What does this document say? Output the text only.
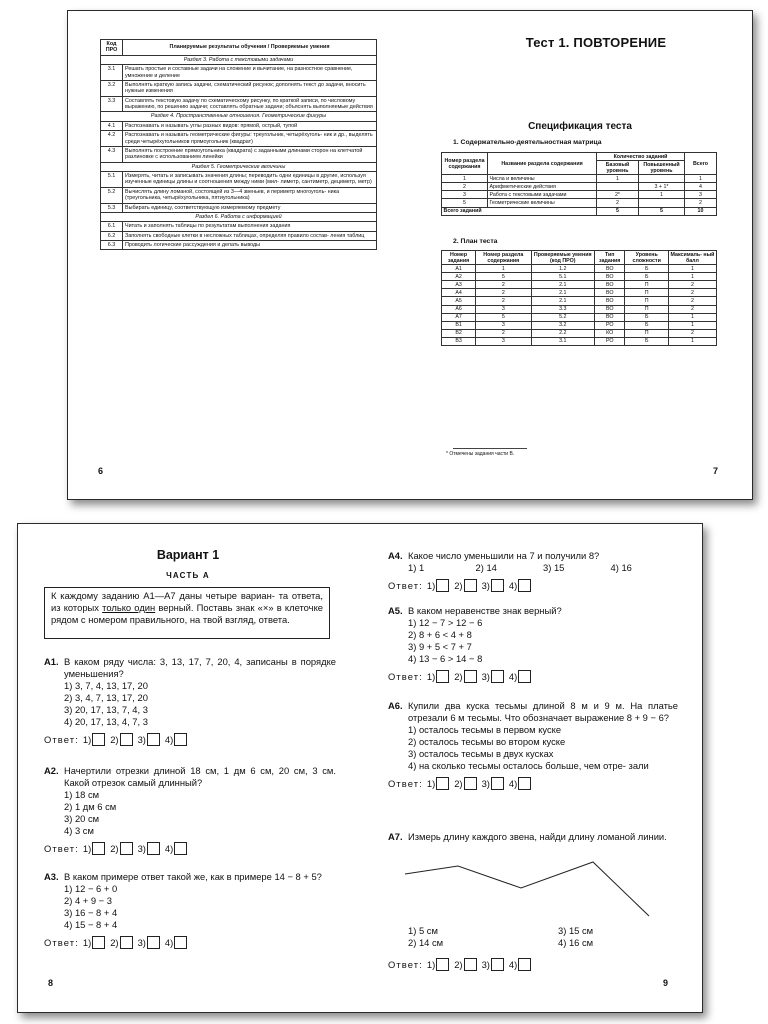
Код ПРО	Планируемые результаты обучения / Проверяемые умения
Раздел 3. Работа с текстовыми задачами	
3.1	Решать простые и составные задачи на сложение и вычитание, на разностное сравнение, умножение и деление
3.2	Выполнять краткую запись задачи, схематический рисунок; дополнять текст до задачи, вносить нужные изменения
3.3	Составлять текстовую задачу по схематическому рисунку, по краткой записи, по числовому выражению, по решению задачи; составлять обратные задачи; объяснять выполняемые действия
Раздел 4. Пространственные отношения. Геометрические фигуры	
4.1	Распознавать и называть углы разных видов: прямой, острый, тупой
4.2	Распознавать и называть геометрические фигуры: треугольник, четырёхуголь- ник и др., выделять среди четырёхугольников прямоугольник (квадрат)
4.3	Выполнять построение прямоугольника (квадрата) с заданными длинами сторон на клетчатой разлиновке с использованием линейки
Раздел 5. Геометрические величины	
5.1	Измерять, читать и записывать значения длины; переводить одни единицы в другие, используя изученные единицы длины и соотношения между ними (мил- лиметр, сантиметр, дециметр, метр)
5.2	Вычислять длину ломаной, состоящей из 3—4 звеньев, и периметр многоуголь- ника (треугольника, четырёхугольника, пятиугольника)
5.3	Выбирать единицу, соответствующую измеряемому предмету
Раздел 6. Работа с информацией	
6.1	Читать и заполнять таблицы по результатам выполнения задания
6.2	Заполнять свободные клетки в несложных таблицах, определяя правило состав- ления таблиц
6.3	Проводить логические рассуждения и делать выводы
Тест 1. ПОВТОРЕНИЕ
Спецификация теста
1. Содержательно-деятельностная матрица
Номер раздела содержания	Название раздела содержания	Количество заданий		Всего
		Базовый уровень	Повышенный уровень	
1	Числа и величины	1		1
2	Арифметические действия		3 + 1*	4
3	Работа с текстовыми задачами	2*	1	3
5	Геометрические величины	2		2
Всего заданий		5	5	10
2. План теста
Номер задания	Номер раздела содержания	Проверяемые умения (код ПРО)	Тип задания	Уровень сложности	Максималь- ный балл
A1	1	1.2	ВО	Б	1
A2	5	5.1	ВО	Б	1
A3	2	2.1	ВО	П	2
A4	2	2.1	ВО	П	2
A5	2	2.1	ВО	П	2
A6	3	3.3	ВО	П	2
A7	5	5.2	ВО	Б	1
B1	3	3.2	РО	Б	1
B2	2	2.2	КО	П	2
B3	3	3.1	РО	Б	1
* Отмечены задания части В.
6	7
Вариант 1
ЧАСТЬ А
К каждому заданию А1—А7 даны четыре вариан- та ответа, из которых только один верный. Поставь знак «×» в клеточке рядом с номером правильного, на твой взгляд, ответа.
А1. В каком ряду числа: 3, 13, 17, 7, 20, 4, записаны в порядке уменьшения?
1) 3, 7, 4, 13, 17, 20
2) 3, 4, 7, 13, 17, 20
3) 20, 17, 13, 7, 4, 3
4) 20, 17, 13, 4, 7, 3
Ответ: 1) 2) 3) 4)
А2. Начертили отрезки длиной 18 см, 1 дм 6 см, 20 см, 3 см. Какой отрезок самый длинный?
1) 18 см
2) 1 дм 6 см
3) 20 см
4) 3 см
Ответ: 1) 2) 3) 4)
А3. В каком примере ответ такой же, как в примере 14 − 8 + 5?
1) 12 − 6 + 0
2) 4 + 9 − 3
3) 16 − 8 + 4
4) 15 − 8 + 4
Ответ: 1) 2) 3) 4)
А4. Какое число уменьшили на 7 и получили 8?
1) 1	2) 14	3) 15	4) 16
Ответ: 1) 2) 3) 4)
А5. В каком неравенстве знак верный?
1) 12 − 7 > 12 − 6
2) 8 + 6 < 4 + 8
3) 9 + 5 < 7 + 7
4) 13 − 6 > 14 − 8
Ответ: 1) 2) 3) 4)
А6. Купили два куска тесьмы длиной 8 м и 9 м. На платье отрезали 6 м тесьмы. Что обозначает выражение 8 + 9 − 6?
1) осталось тесьмы в первом куске
2) осталось тесьмы во втором куске
3) осталось тесьмы в двух кусках
4) на сколько тесьмы осталось больше, чем отре- зали
Ответ: 1) 2) 3) 4)
А7. Измерь длину каждого звена, найди длину ломаной линии.
1) 5 см	3) 15 см
2) 14 см	4) 16 см
Ответ: 1) 2) 3) 4)
8	9
